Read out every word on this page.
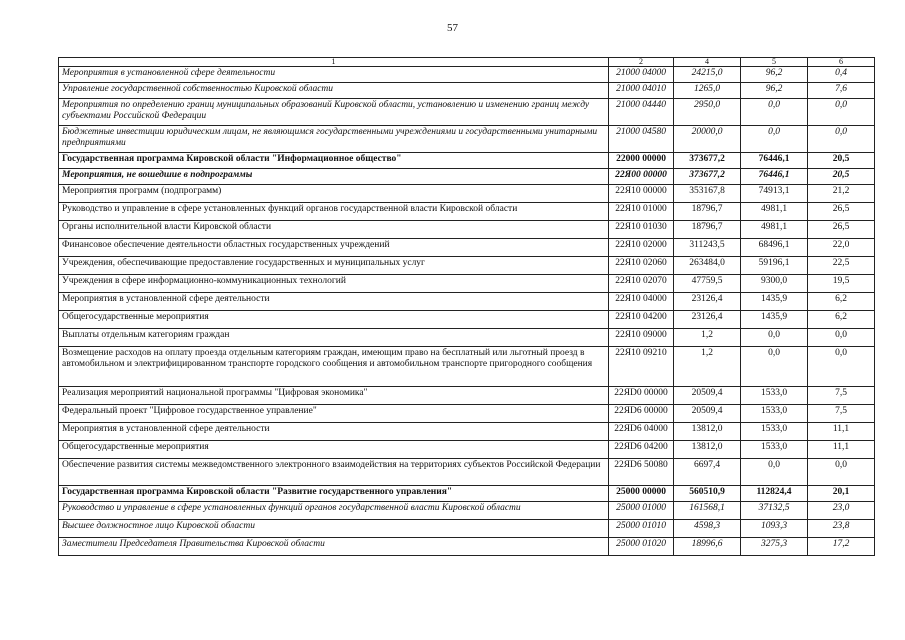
57
1	2	4	5	6
Мероприятия в установленной сфере деятельности	21000 04000	24215,0	96,2	0,4
Управление государственной собственностью Кировской области	21000 04010	1265,0	96,2	7,6
Мероприятия по определению границ муниципальных образований Кировской области, установлению и изменению границ между субъектами Российской Федерации	21000 04440	2950,0	0,0	0,0
Бюджетные инвестиции юридическим лицам, не являющимся государственными учреждениями и государственными унитарными предприятиями	21000 04580	20000,0	0,0	0,0
Государственная программа Кировской области "Информационное общество"	22000 00000	373677,2	76446,1	20,5
Мероприятия, не вошедшие в подпрограммы	22Я00 00000	373677,2	76446,1	20,5
Мероприятия программ (подпрограмм)	22Я10 00000	353167,8	74913,1	21,2
Руководство и управление в сфере установленных функций органов государственной власти Кировской области	22Я10 01000	18796,7	4981,1	26,5
Органы исполнительной власти Кировской области	22Я10 01030	18796,7	4981,1	26,5
Финансовое обеспечение деятельности областных государственных учреждений	22Я10 02000	311243,5	68496,1	22,0
Учреждения, обеспечивающие предоставление государственных и муниципальных услуг	22Я10 02060	263484,0	59196,1	22,5
Учреждения в сфере информационно-коммуникационных технологий	22Я10 02070	47759,5	9300,0	19,5
Мероприятия в установленной сфере деятельности	22Я10 04000	23126,4	1435,9	6,2
Общегосударственные мероприятия	22Я10 04200	23126,4	1435,9	6,2
Выплаты отдельным категориям граждан	22Я10 09000	1,2	0,0	0,0
Возмещение расходов на оплату проезда отдельным категориям граждан, имеющим право на бесплатный или льготный проезд в автомобильном и электрифицированном транспорте городского сообщения и автомобильном транспорте пригородного сообщения	22Я10 09210	1,2	0,0	0,0
Реализация мероприятий национальной программы "Цифровая экономика"	22ЯD0 00000	20509,4	1533,0	7,5
Федеральный проект "Цифровое государственное управление"	22ЯD6 00000	20509,4	1533,0	7,5
Мероприятия в установленной сфере деятельности	22ЯD6 04000	13812,0	1533,0	11,1
Общегосударственные мероприятия	22ЯD6 04200	13812,0	1533,0	11,1
Обеспечение развития системы межведомственного электронного взаимодействия на территориях субъектов Российской Федерации	22ЯD6 50080	6697,4	0,0	0,0
Государственная программа Кировской области "Развитие государственного управления"	25000 00000	560510,9	112824,4	20,1
Руководство и управление в сфере установленных функций органов государственной власти Кировской области	25000 01000	161568,1	37132,5	23,0
Высшее должностное лицо Кировской области	25000 01010	4598,3	1093,3	23,8
Заместители Председателя Правительства Кировской области	25000 01020	18996,6	3275,3	17,2
